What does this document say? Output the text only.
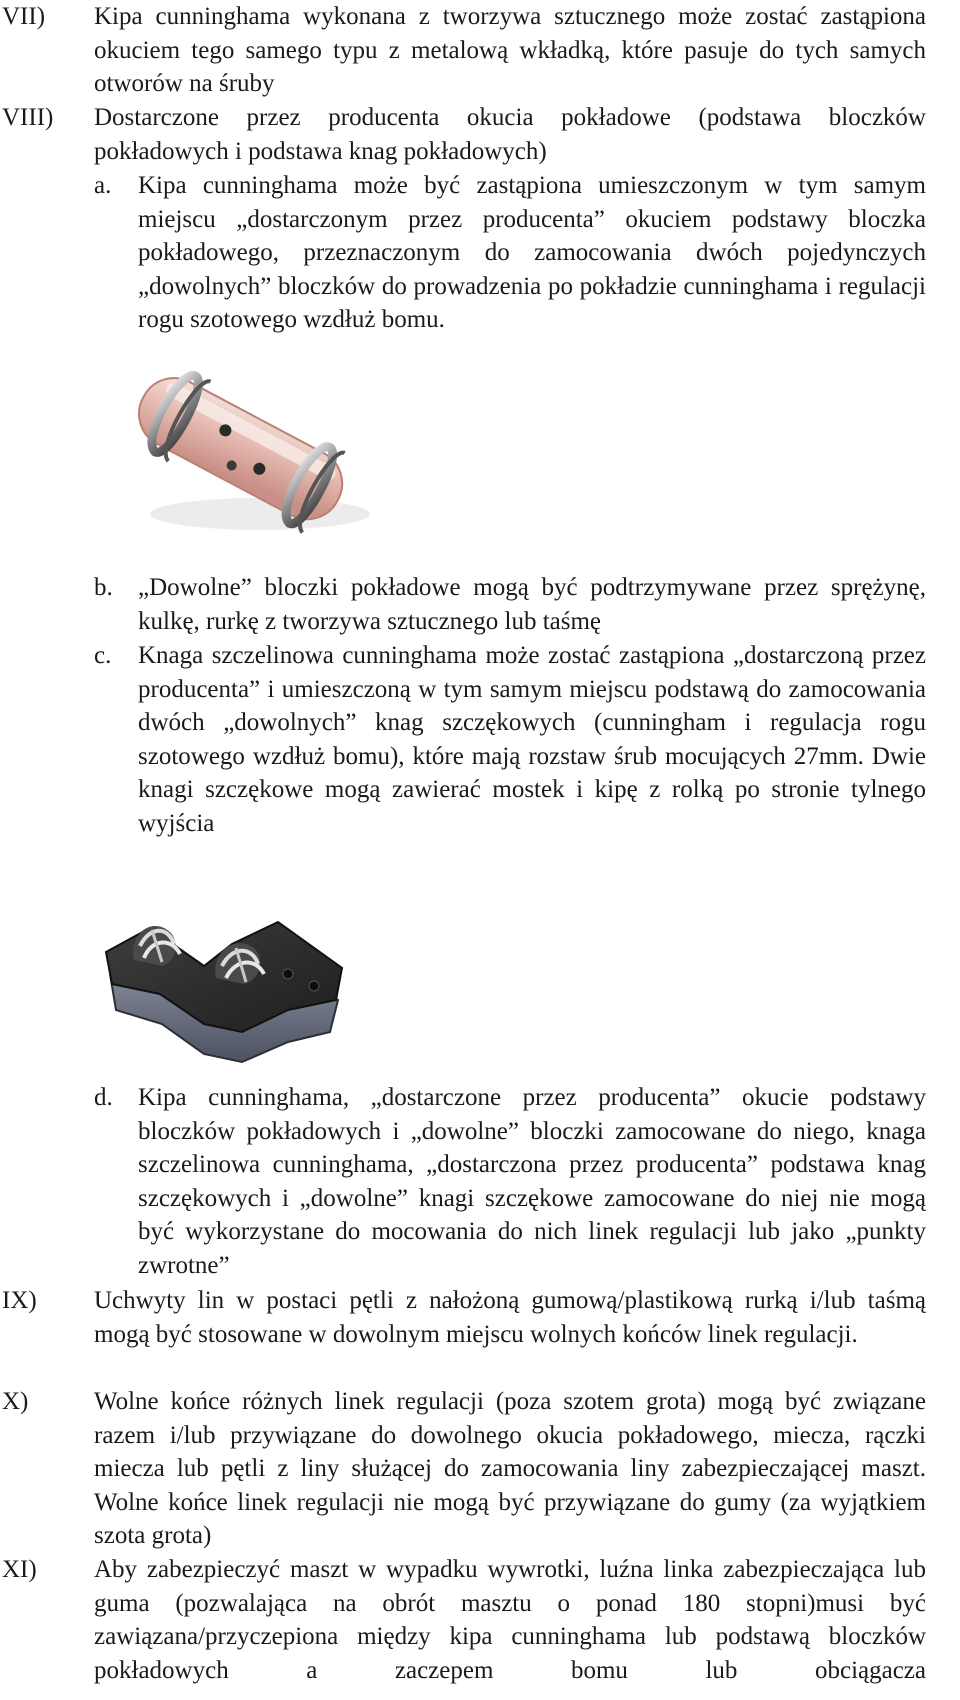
VII) Kipa cunninghama wykonana z tworzywa sztucznego może zostać zastąpiona okuciem tego samego typu z metalową wkładką, które pasuje do tych samych otworów na śruby
VIII) Dostarczone przez producenta okucia pokładowe (podstawa bloczków pokładowych i podstawa knag pokładowych)
a. Kipa cunninghama może być zastąpiona umieszczonym w tym samym miejscu „dostarczonym przez producenta” okuciem podstawy bloczka pokładowego, przeznaczonym do zamocowania dwóch pojedynczych „dowolnych” bloczków do prowadzenia po pokładzie cunninghama i regulacji rogu szotowego wzdłuż bomu.
b. „Dowolne” bloczki pokładowe mogą być podtrzymywane przez sprężynę, kulkę, rurkę z tworzywa sztucznego lub taśmę
c. Knaga szczelinowa cunninghama może zostać zastąpiona „dostarczoną przez producenta” i umieszczoną w tym samym miejscu podstawą do zamocowania dwóch „dowolnych” knag szczękowych (cunningham i regulacja rogu szotowego wzdłuż bomu), które mają rozstaw śrub mocujących 27mm. Dwie knagi szczękowe mogą zawierać mostek i kipę z rolką po stronie tylnego wyjścia
d. Kipa cunninghama, „dostarczone przez producenta” okucie podstawy bloczków pokładowych i „dowolne” bloczki zamocowane do niego, knaga szczelinowa cunninghama, „dostarczona przez producenta” podstawa knag szczękowych i „dowolne” knagi szczękowe zamocowane do niej nie mogą być wykorzystane do mocowania do nich linek regulacji lub jako „punkty zwrotne”
IX) Uchwyty lin w postaci pętli z nałożoną gumową/plastikową rurką i/lub taśmą mogą być stosowane w dowolnym miejscu wolnych końców linek regulacji.
X)	Wolne końce różnych linek regulacji (poza szotem grota) mogą być związane razem i/lub przywiązane do dowolnego okucia pokładowego, miecza, rączki miecza lub pętli z liny służącej do zamocowania liny zabezpieczającej maszt. Wolne końce linek regulacji nie mogą być przywiązane do gumy (za wyjątkiem szota grota)
XI) Aby zabezpieczyć maszt w wypadku wywrotki, luźna linka zabezpieczająca lub guma (pozwalająca na obrót masztu o ponad 180 stopni)musi być zawiązana/przyczepiona między kipa cunninghama lub podstawą bloczków pokładowych a zaczepem bomu lub obciągacza
